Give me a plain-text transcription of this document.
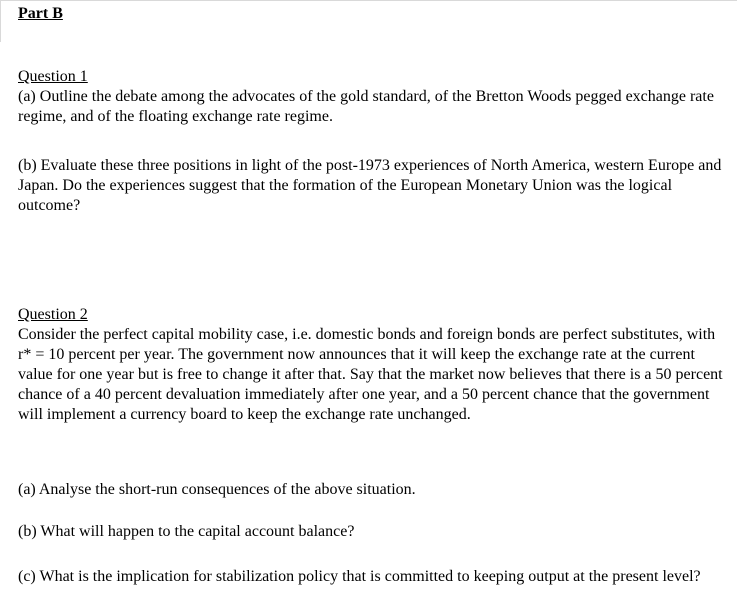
Part B

Question 1

(a) Outline the debate among the advocates of the gold standard, of the Bretton Woods pegged exchange rate regime, and of the floating exchange rate regime.

(b) Evaluate these three positions in light of the post-1973 experiences of North America, western Europe and Japan. Do the experiences suggest that the formation of the European Monetary Union was the logical outcome?

Question 2

Consider the perfect capital mobility case, i.e. domestic bonds and foreign bonds are perfect substitutes, with r* = 10 percent per year. The government now announces that it will keep the exchange rate at the current value for one year but is free to change it after that. Say that the market now believes that there is a 50 percent chance of a 40 percent devaluation immediately after one year, and a 50 percent chance that the government will implement a currency board to keep the exchange rate unchanged.

(a) Analyse the short-run consequences of the above situation.

(b) What will happen to the capital account balance?

(c) What is the implication for stabilization policy that is committed to keeping output at the present level?
